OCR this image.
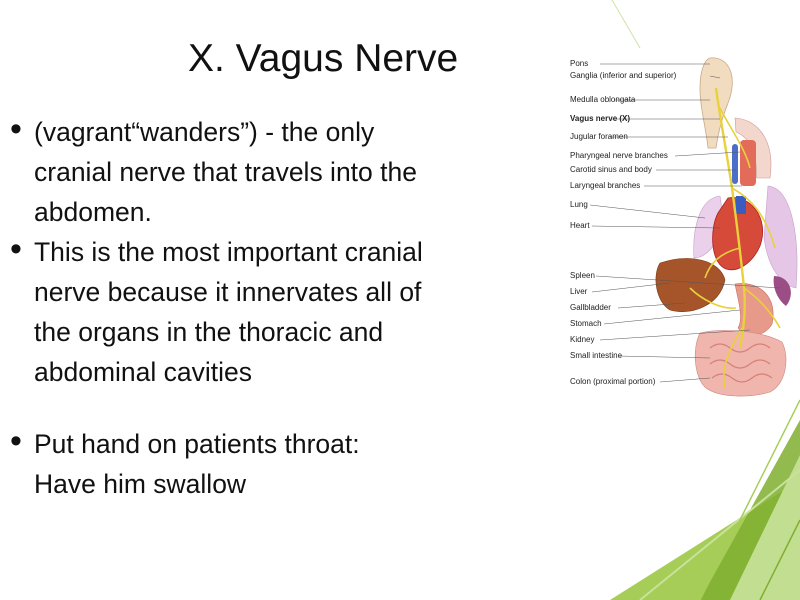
X. Vagus Nerve
• (vagrant“wanders”) - the only
cranial nerve that travels into the
abdomen.
• This is the most important cranial
nerve because it innervates all of
the organs in the thoracic and
abdominal cavities
• Put hand on patients throat:
Have him swallow
Pons
Ganglia (inferior and superior)
Medulla oblongata
Vagus nerve (X)
Jugular foramen
Pharyngeal nerve branches
Carotid sinus and body
Laryngeal branches
Lung
Heart
Spleen
Liver
Gallbladder
Stomach
Kidney
Small intestine
Colon (proximal portion)
